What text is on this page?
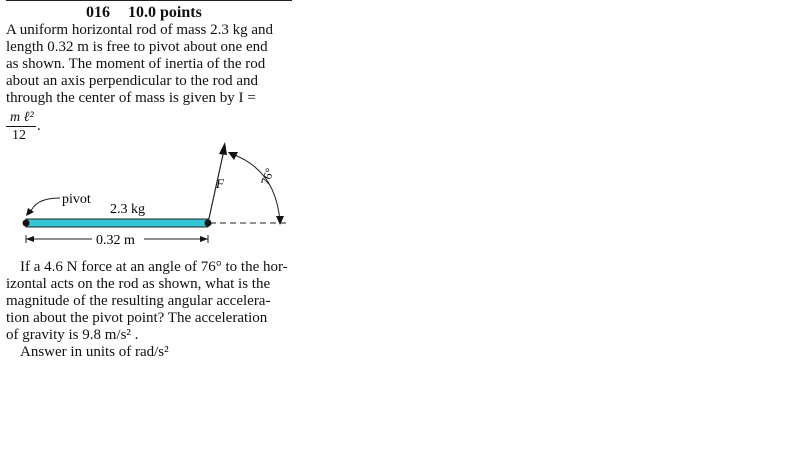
016 10.0 points
A uniform horizontal rod of mass 2.3 kg and
length 0.32 m is free to pivot about one end
as shown. The moment of inertia of the rod
about an axis perpendicular to the rod and
through the center of mass is given by I =
m ℓ²
12
.
pivot
2.3 kg
F	76°
0.32 m
If a 4.6 N force at an angle of 76° to the hor-
izontal acts on the rod as shown, what is the
magnitude of the resulting angular accelera-
tion about the pivot point? The acceleration
of gravity is 9.8 m/s² .
Answer in units of rad/s²
